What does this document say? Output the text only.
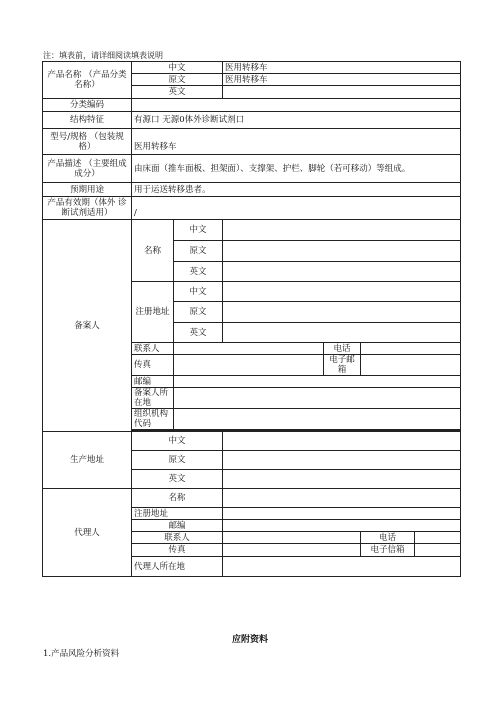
注：填表前，请详细阅读填表说明
产品名称 （产品分类名称）	中文		医用转移车			
	原文		医用转移车			
	英文					
分类编码						
结构特征	有源口 无源0体外诊断试剂口					
型号/规格 （包装规格）	医用转移车					
产品描述 （主要组成成分）	由床面（推车面板、担架面）、支撑架、护栏、脚轮（若可移动）等组成。					
预期用途	用于运送转移患者。					
产品有效期（体外 诊断试剂适用）	/					
备案人	名称	中文				
		原文				
		英文				
	注册地址	中文				
		原文				
		英文				
	联系人			电话		
	传真			电子邮箱		
	邮编					
	备案人所在地					
	组织机构代码					

生产地址	中文					
	原文					
	英文					
代理人	名称					
	注册地址					
	邮编					
	联系人				电话	
	传真				电子信箱	
	代理人所在地					
应附资料
1.产品风险分析资料
